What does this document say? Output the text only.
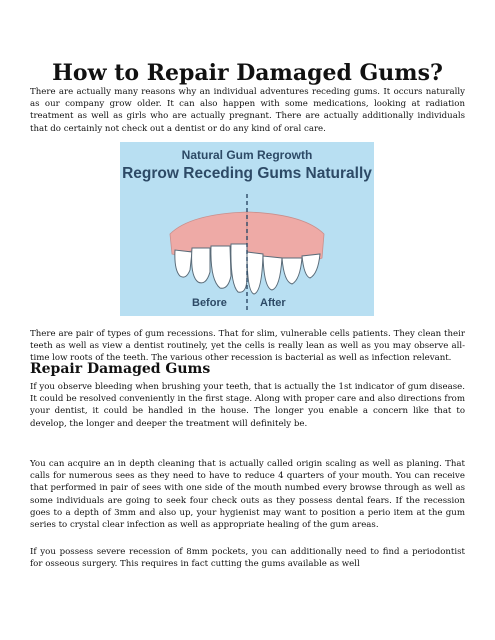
How to Repair Damaged Gums?

There are actually many reasons why an individual adventures receding gums. It occurs naturally as our company grow older. It can also happen with some medications, looking at radiation treatment as well as girls who are actually pregnant. There are actually additionally individuals that do certainly not check out a dentist or do any kind of oral care.

Natural Gum Regrowth
Regrow Receding Gums Naturally
Before	After

There are pair of types of gum recessions. That for slim, vulnerable cells patients. They clean their teeth as well as view a dentist routinely, yet the cells is really lean as well as you may observe all-time low roots of the teeth. The various other recession is bacterial as well as infection relevant.

Repair Damaged Gums

If you observe bleeding when brushing your teeth, that is actually the 1st indicator of gum disease. It could be resolved conveniently in the first stage. Along with proper care and also directions from your dentist, it could be handled in the house. The longer you enable a concern like that to develop, the longer and deeper the treatment will definitely be.

You can acquire an in depth cleaning that is actually called origin scaling as well as planing. That calls for numerous sees as they need to have to reduce 4 quarters of your mouth. You can receive that performed in pair of sees with one side of the mouth numbed every browse through as well as some individuals are going to seek four check outs as they possess dental fears. If the recession goes to a depth of 3mm and also up, your hygienist may want to position a perio item at the gum series to crystal clear infection as well as appropriate healing of the gum areas.

If you possess severe recession of 8mm pockets, you can additionally need to find a periodontist for osseous surgery. This requires in fact cutting the gums available as well
